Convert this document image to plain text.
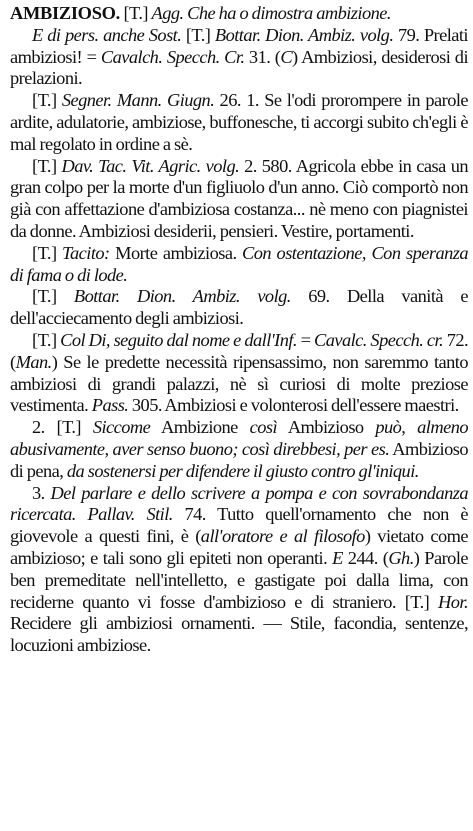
AMBIZIOSO. [T.] Agg. Che ha o dimostra ambizione.

E di pers. anche Sost. [T.] Bottar. Dion. Ambiz. volg. 79. Prelati ambiziosi! = Cavalch. Specch. Cr. 31. (C) Ambiziosi, desiderosi di prelazioni.

[T.] Segner. Mann. Giugn. 26. 1. Se l'odi prorompere in parole ardite, adulatorie, ambiziose, buffonesche, ti accorgi subito ch'egli è mal regolato in ordine a sè.

[T.] Dav. Tac. Vit. Agric. volg. 2. 580. Agricola ebbe in casa un gran colpo per la morte d'un figliuolo d'un anno. Ciò comportò non già con affettazione d'ambiziosa costanza... nè meno con piagnistei da donne. Ambiziosi desiderii, pensieri. Vestire, portamenti.

[T.] Tacito: Morte ambiziosa. Con ostentazione, Con speranza di fama o di lode.

[T.] Bottar. Dion. Ambiz. volg. 69. Della vanità e dell'acciecamento degli ambiziosi.

[T.] Col Di, seguito dal nome e dall'Inf. = Cavalc. Specch. cr. 72. (Man.) Se le predette necessità ripensassimo, non saremmo tanto ambiziosi di grandi palazzi, nè sì curiosi di molte preziose vestimenta. Pass. 305. Ambiziosi e volonterosi dell'essere maestri.

2. [T.] Siccome Ambizione così Ambizioso può, almeno abusivamente, aver senso buono; così direbbesi, per es. Ambizioso di pena, da sostenersi per difendere il giusto contro gl'iniqui.

3. Del parlare e dello scrivere a pompa e con sovrabondanza ricercata. Pallav. Stil. 74. Tutto quell'ornamento che non è giovevole a questi fini, è (all'oratore e al filosofo) vietato come ambizioso; e tali sono gli epiteti non operanti. E 244. (Gh.) Parole ben premeditate nell'intelletto, e gastigate poi dalla lima, con reciderne quanto vi fosse d'ambizioso e di straniero. [T.] Hor. Recidere gli ambiziosi ornamenti. — Stile, facondia, sentenze, locuzioni ambiziose.
